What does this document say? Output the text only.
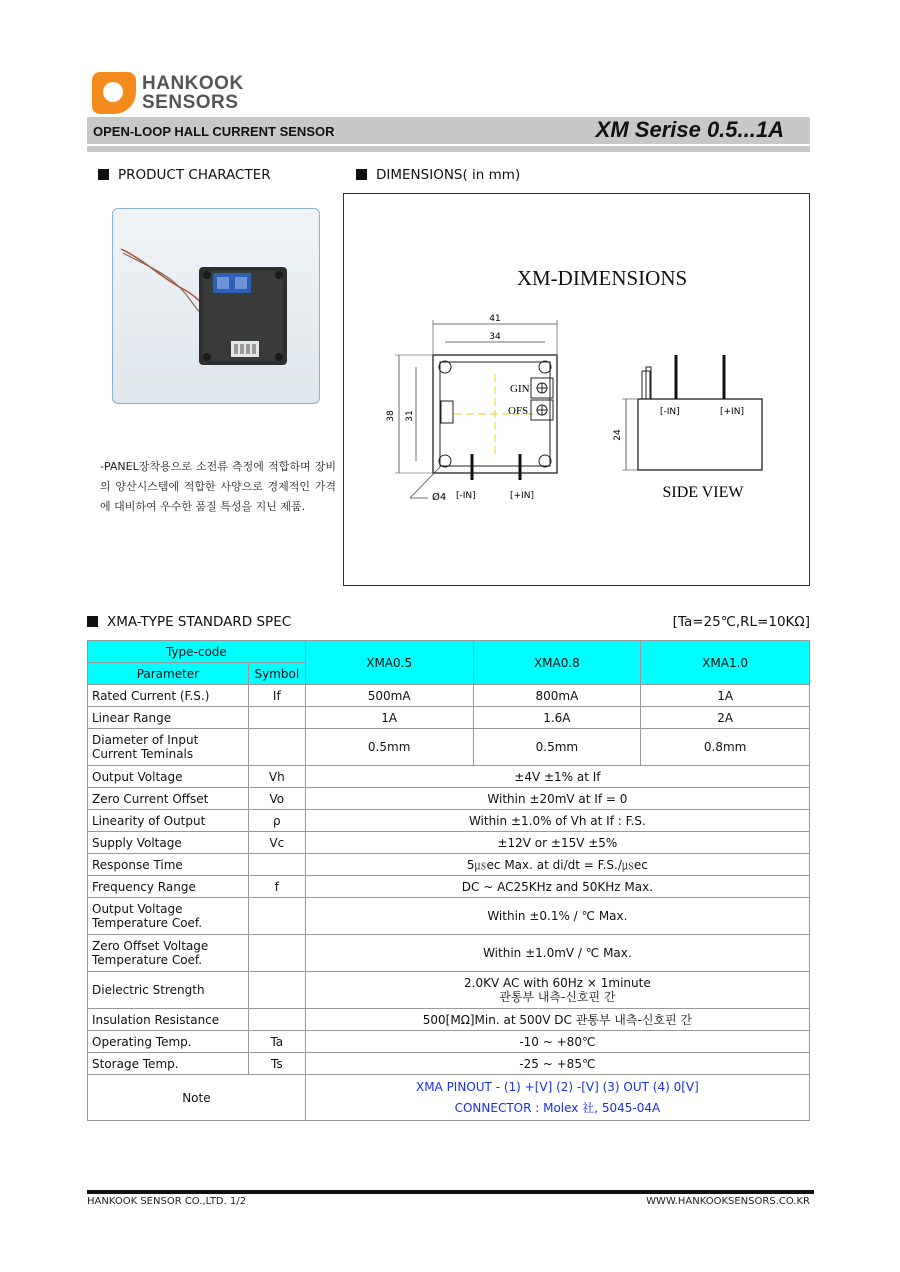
HANKOOK
SENSORS
OPEN-LOOP HALL CURRENT SENSOR	XM Serise 0.5...1A
PRODUCT CHARACTER	DIMENSIONS( in mm)
-PANEL장착용으로 소전류 측정에 적합하며 장비의 양산시스템에 적합한 사양으로 경제적인 가격에 대비하여 우수한 품질 특성을 지닌 제품.
XM-DIMENSIONS
GIN
OFS
[-IN]	[+IN]
41
34
38 31
Ø4
[-IN]	[+IN]
24
SIDE VIEW
XMA-TYPE STANDARD SPEC	[Ta=25℃,RL=10KΩ]
Type-code		XMA0.5	XMA0.8	XMA1.0
Parameter	Symbol			
Rated Current (F.S.)	If	500mA	800mA	1A
Linear Range		1A	1.6A	2A
Diameter of Input
Current Teminals		0.5mm	0.5mm	0.8mm
Output Voltage	Vh	±4V ±1% at If		
Zero Current Offset	Vo	Within ±20mV at If = 0		
Linearity of Output	ρ	Within ±1.0% of Vh at If : F.S.		
Supply Voltage	Vc	±12V or ±15V ±5%		
Response Time		5㎲ec Max. at di/dt = F.S./㎲ec		
Frequency Range	f	DC ~ AC25KHz and 50KHz Max.		
Output Voltage
Temperature Coef.		Within ±0.1% / ℃ Max.		
Zero Offset Voltage
Temperature Coef.		Within ±1.0mV / ℃ Max.		
Dielectric Strength		2.0KV AC with 60Hz × 1minute
관통부 내측-신호핀 간		
Insulation Resistance		500[MΩ]Min. at 500V DC 관통부 내측-신호핀 간		
Operating Temp.	Ta	-10 ~ +80℃		
Storage Temp.	Ts	-25 ~ +85℃		
Note		XMA PINOUT - (1) +[V] (2) -[V] (3) OUT (4) 0[V]
CONNECTOR : Molex 社, 5045-04A		
HANKOOK SENSOR CO.,LTD. 1/2	WWW.HANKOOKSENSORS.CO.KR
